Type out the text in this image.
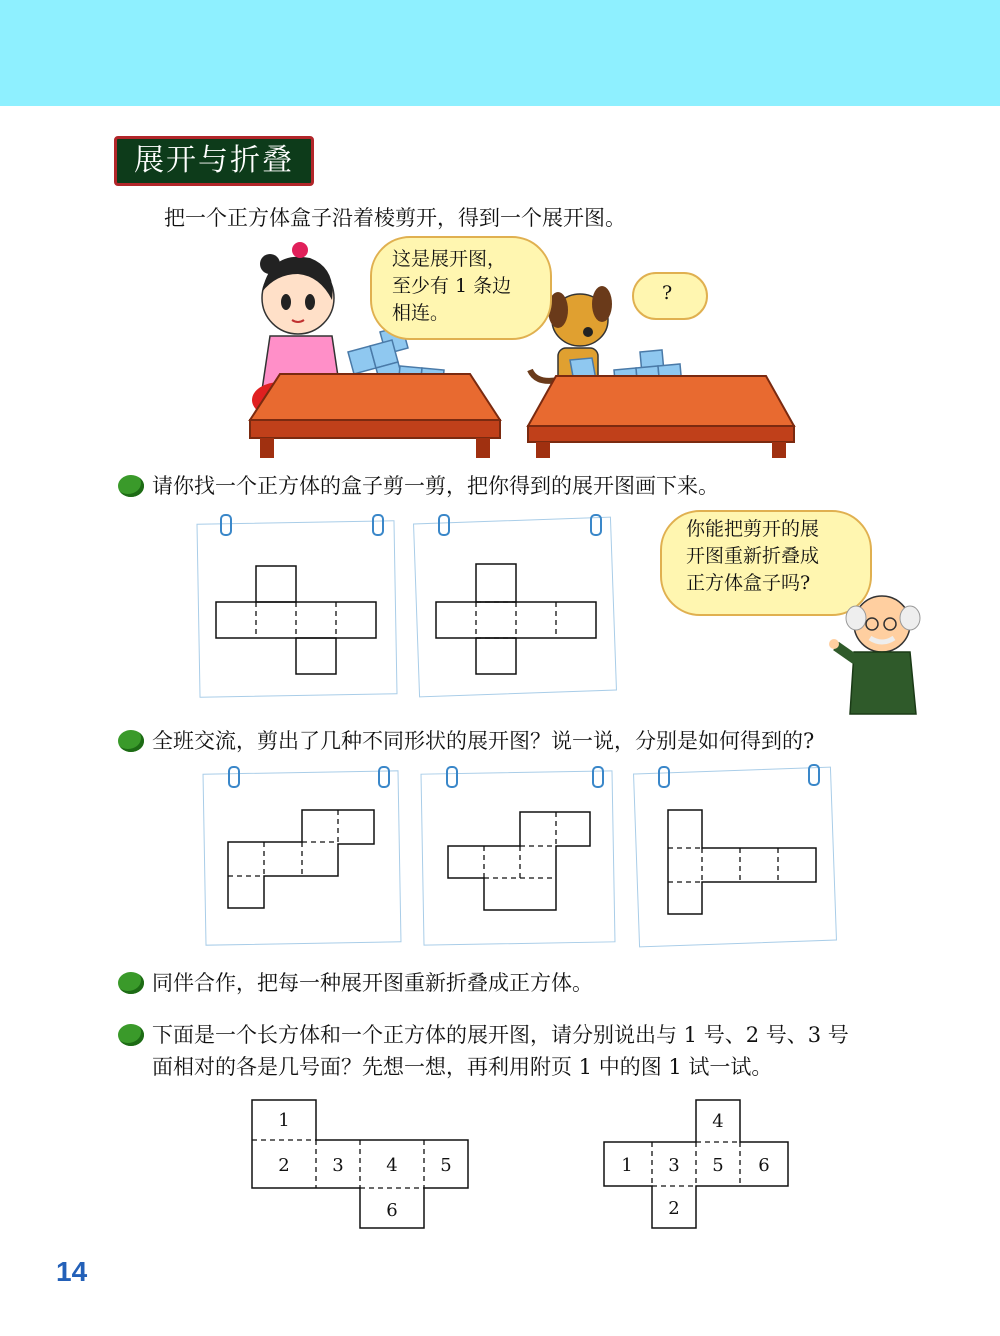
展开与折叠
把一个正方体盒子沿着棱剪开，得到一个展开图。
这是展开图，
至少有 1 条边
相连。
?
请你找一个正方体的盒子剪一剪，把你得到的展开图画下来。
你能把剪开的展
开图重新折叠成
正方体盒子吗?
全班交流，剪出了几种不同形状的展开图？说一说，分别是如何得到的?
同伴合作，把每一种展开图重新折叠成正方体。
下面是一个长方体和一个正方体的展开图，请分别说出与 1 号、2 号、3 号
面相对的各是几号面？先想一想，再利用附页 1 中的图 1 试一试。
1
2 3 4 5
6
4
1 3 5 6
2
14
